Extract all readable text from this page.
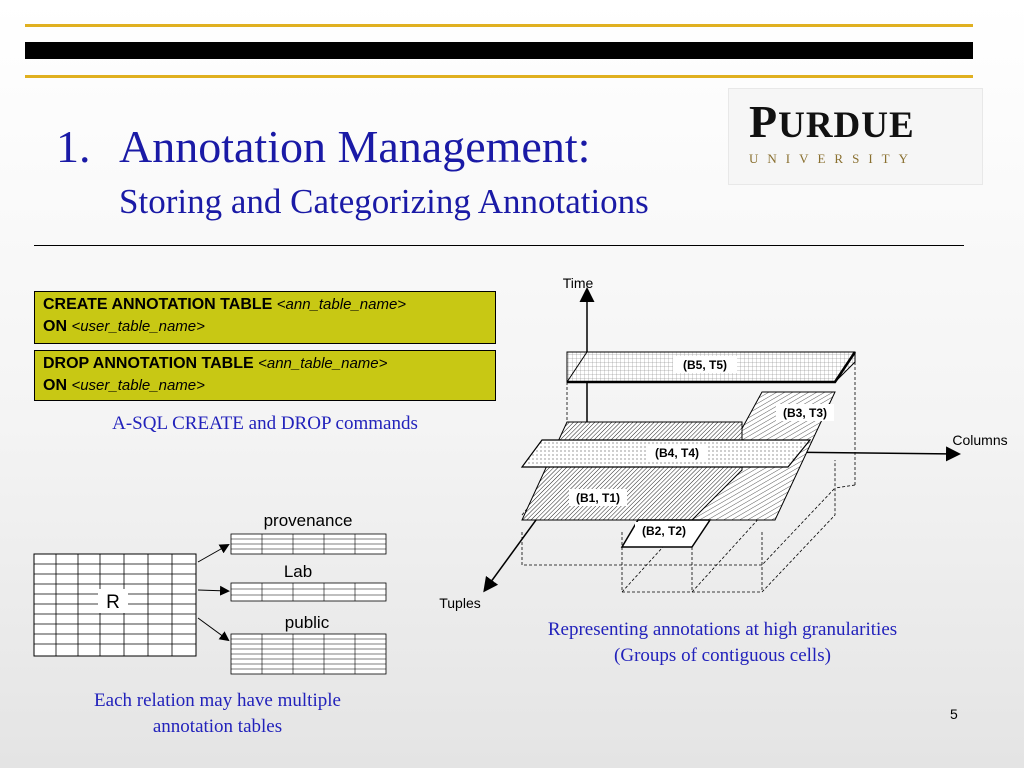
1. Annotation Management:
Storing and Categorizing Annotations
PURDUE
UNIVERSITY
CREATE ANNOTATION TABLE <ann_table_name>
ON <user_table_name>
DROP ANNOTATION TABLE <ann_table_name>
ON <user_table_name>
A-SQL CREATE and DROP commands
R
provenance
Lab
public
Each relation may have multiple
annotation tables
Time
Columns
Tuples
(B5, T5)
(B3, T3)
(B1, T1)
(B4, T4)
(B2, T2)
Representing annotations at high granularities
(Groups of contiguous cells)
5
